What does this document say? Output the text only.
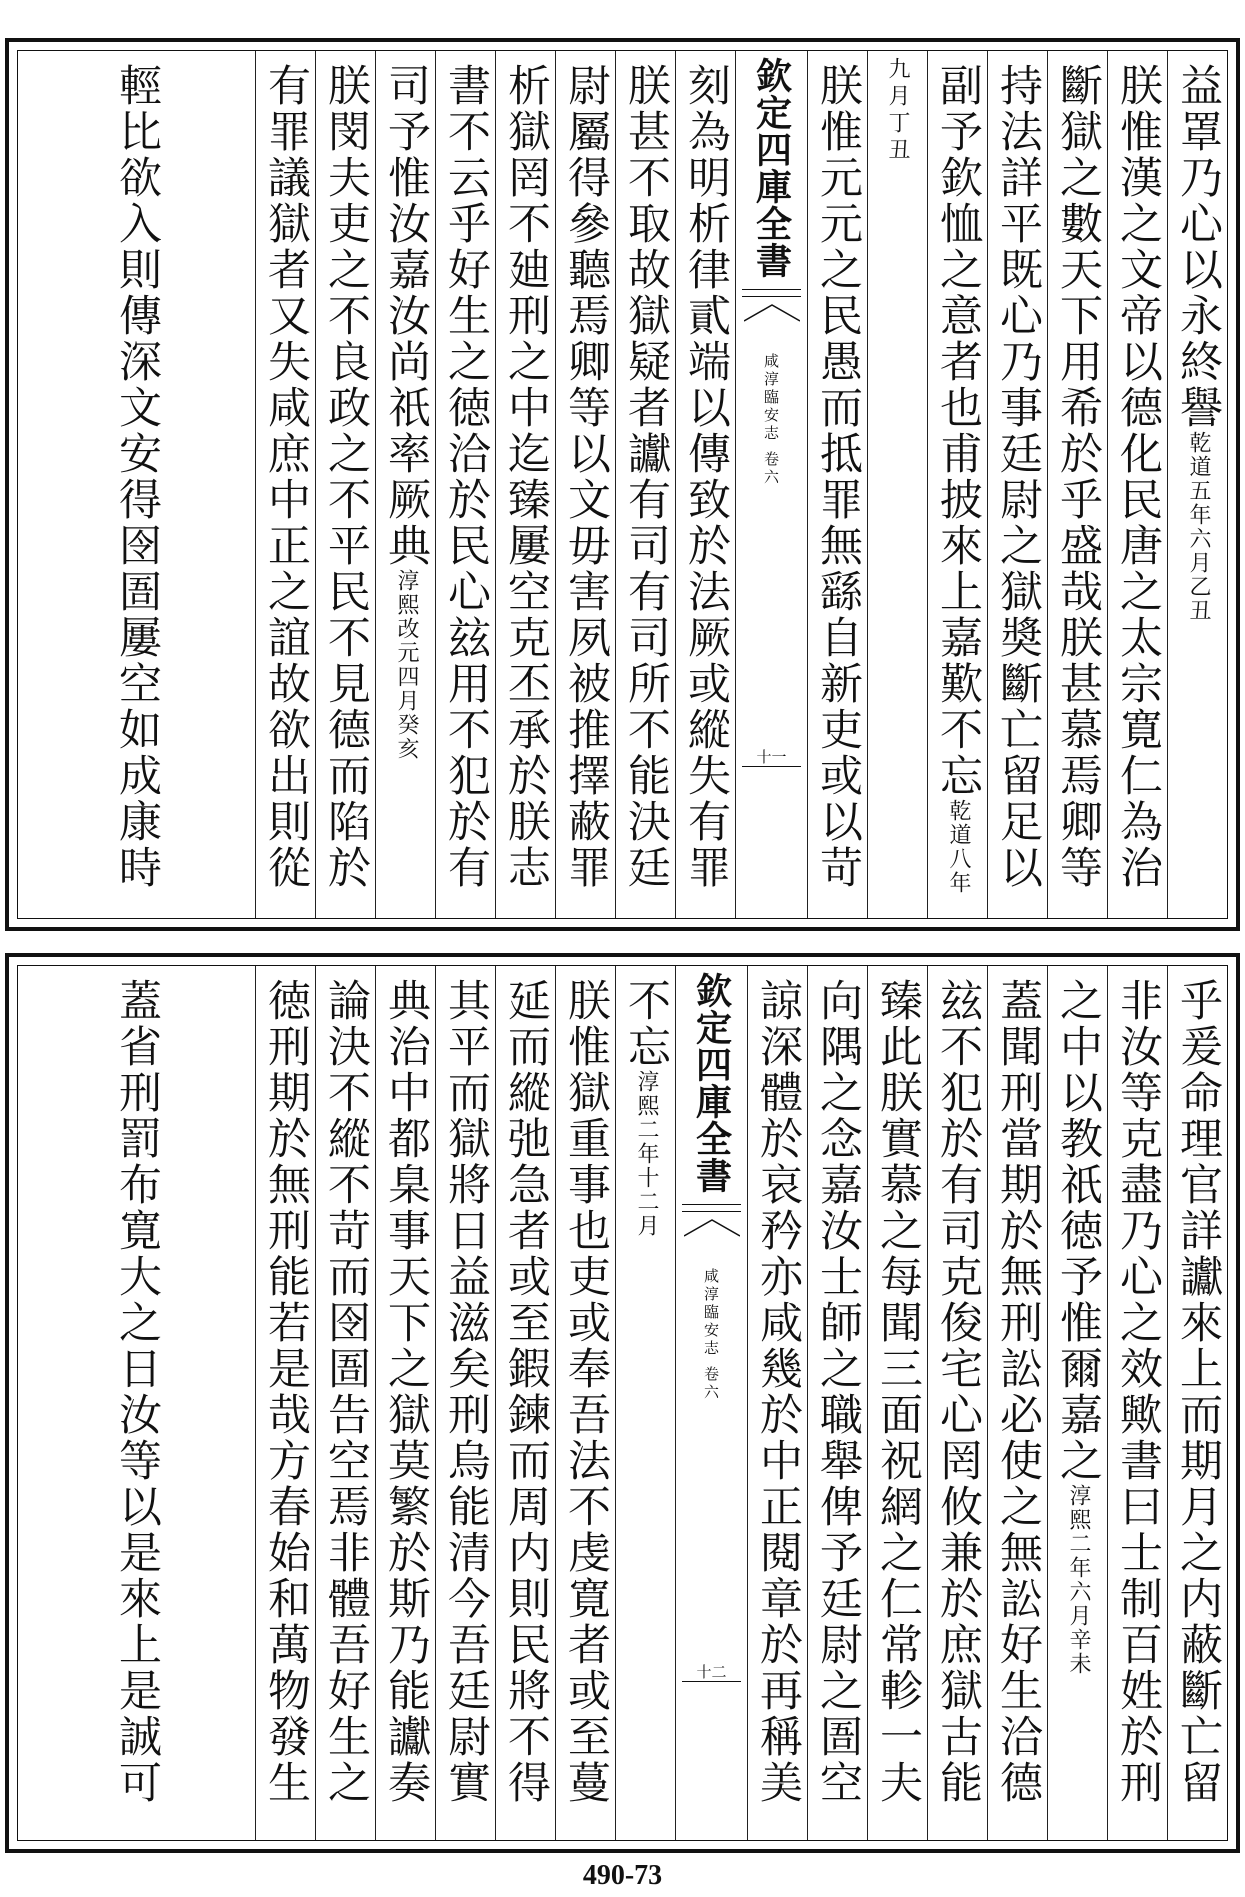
益罩乃心以永終譽乾道五年六月乙丑
朕惟漢之文帝以德化民唐之太宗寛仁為治
斷獄之數天下用希於乎盛哉朕甚慕焉卿等
持法詳平既心乃事廷尉之獄奬斷亡留足以
副予欽恤之意者也甫披來上嘉歎不忘乾道八年
九月丁丑
朕惟元元之民愚而抵罪無繇自新吏或以苛
欽定四庫全書
咸淳臨安志 卷六
十一
刻為明析律貳端以傳致於法厥或縱失有罪
朕甚不取故獄疑者讞有司有司所不能決廷
尉屬得參聽焉卿等以文毋害夙被推擇蔽罪
析獄罔不廸刑之中迄臻屢空克丕承於朕志
書不云乎好生之徳洽於民心玆用不犯於有
司予惟汝嘉汝尚祇率厥典淳熙改元四月癸亥
朕閔夫吏之不良政之不平民不見德而陷於
有罪議獄者又失咸庶中正之誼故欲出則從
輕比欲入則傳深文安得囹圄屢空如成康時
乎爰命理官詳讞來上而期月之内蔽斷亡留
非汝等克盡乃心之效歟書曰士制百姓於刑
之中以教祇徳予惟爾嘉之淳熙二年六月辛未
蓋聞刑當期於無刑訟必使之無訟好生洽德
玆不犯於有司克俊宅心罔攸兼於庶獄古能
臻此朕實慕之每聞三面祝網之仁常軫一夫
向隅之念嘉汝士師之職舉俾予廷尉之圄空
諒深體於哀矜亦咸幾於中正閱章於再稱美
欽定四庫全書
咸淳臨安志 卷六
十二
不忘淳熙二年十二月
朕惟獄重事也吏或奉吾法不虔寛者或至蔓
延而縱弛急者或至鍜鍊而周内則民將不得
其平而獄將日益滋矣刑烏能清今吾廷尉實
典治中都臬事天下之獄莫繁於斯乃能讞奏
論決不縱不苛而囹圄告空焉非體吾好生之
徳刑期於無刑能若是哉方春始和萬物發生
蓋省刑罰布寛大之日汝等以是來上是誠可
490-73
